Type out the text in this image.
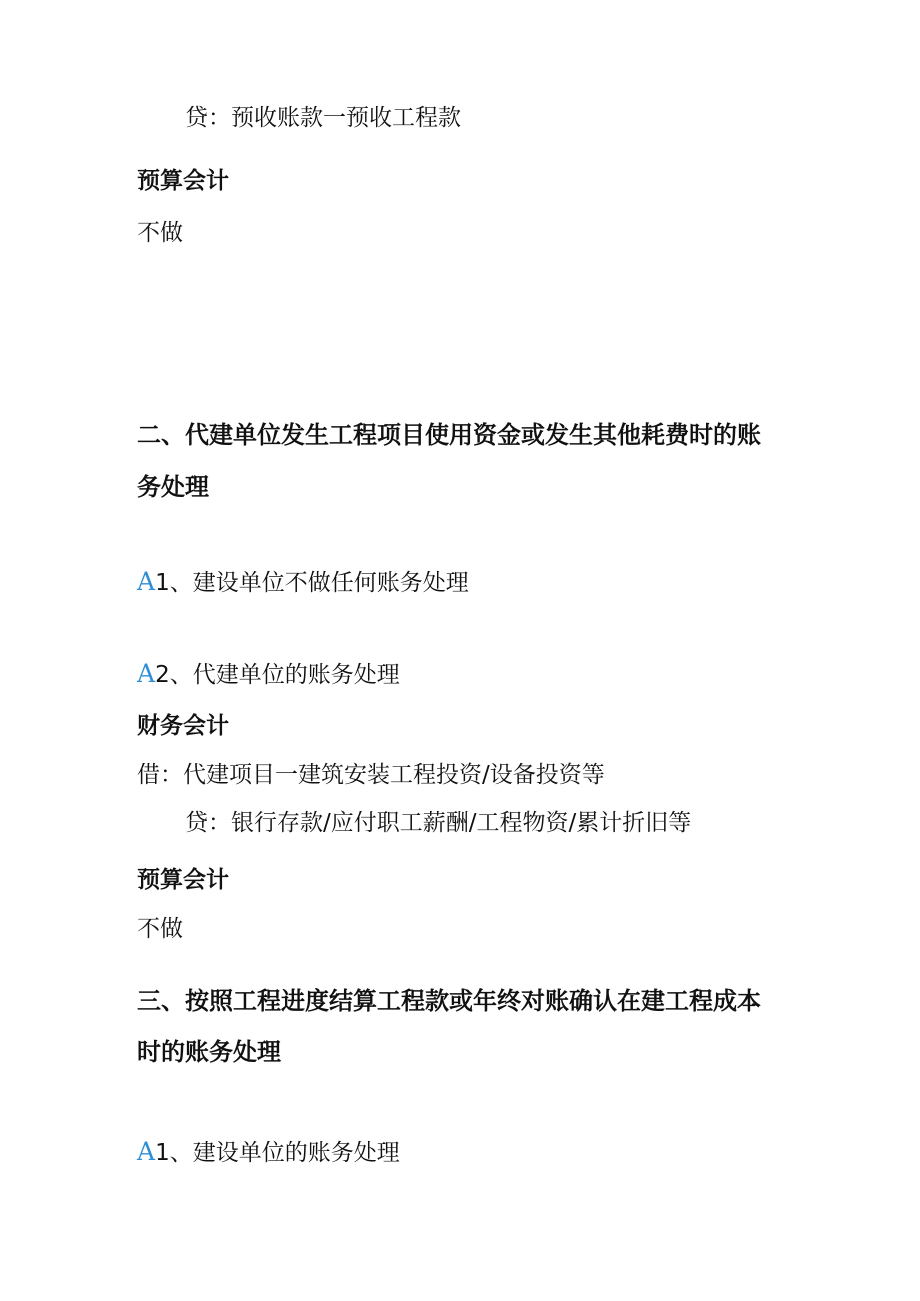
贷：预收账款一预收工程款
预算会计
不做
二、代建单位发生工程项目使用资金或发生其他耗费时的账
务处理
A1、建设单位不做任何账务处理
A2、代建单位的账务处理
财务会计
借：代建项目一建筑安装工程投资/设备投资等
贷：银行存款/应付职工薪酬/工程物资/累计折旧等
预算会计
不做
三、按照工程进度结算工程款或年终对账确认在建工程成本
时的账务处理
A1、建设单位的账务处理
